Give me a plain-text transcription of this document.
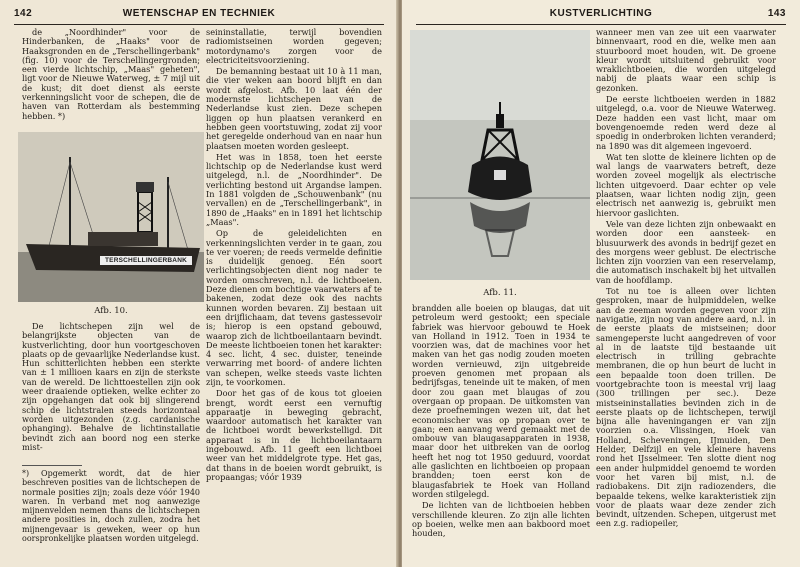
142	WETENSCHAP EN TECHNIEK

de „Noordhinder" voor de Hinderbanken, de „Haaks" voor de Haaksgronden en de „Terschellingerbank" (fig. 10) voor de Terschellingergronden; een vierde lichtschip, „Maas" geheten", ligt voor de Nieuwe Waterweg, ± 7 mijl uit de kust; dit doet dienst als eerste verkenningslicht voor de schepen, die de haven van Rotterdam als bestemming hebben. *)

TERSCHELLINGERBANK
Afb. 10.

De lichtschepen zijn wel de belangrijkste objecten van de kustverlichting, door hun voortgeschoven plaats op de gevaarlijke Nederlandse kust. Hun schitterlichten hebben een sterkte van ± 1 millioen kaars en zijn de sterkste van de wereld. De lichttoestellen zijn ook weer draaiende optieken, welke echter zo zijn opgehangen dat ook bij slingerend schip de lichtstralen steeds horizontaal worden uitgezonden (z.g. cardanische ophanging). Behalve de lichtinstallatie bevindt zich aan boord nog een sterke mist-

*) Opgemerkt wordt, dat de hier beschreven posities van de lichtschepen de normale posities zijn; zoals deze vóór 1940 waren. In verband met nog aanwezige mijnenvelden nemen thans de lichtschepen andere posities in, doch zullen, zodra het mijnengevaar is geweken, weer op hun oorspronkelijke plaatsen worden uitgelegd.

seininstallatie, terwijl bovendien radiomistseinen worden gegeven; motordynamo's zorgen voor de electriciteitsvoorziening.

De bemanning bestaat uit 10 à 11 man, die vier weken aan boord blijft en dan wordt afgelost. Afb. 10 laat één der modernste lichtschepen van de Nederlandse kust zien. Deze schepen liggen op hun plaatsen verankerd en hebben geen voortstuwing, zodat zij voor het geregelde onderhoud van en naar hun plaatsen moeten worden gesleept.

Het was in 1858, toen het eerste lichtschip op de Nederlandse kust werd uitgelegd, n.l. de „Noordhinder". De verlichting bestond uit Argandse lampen. In 1881 volgden de „Schouwenbank" (nu vervallen) en de „Terschellingerbank", in 1890 de „Haaks" en in 1891 het lichtschip „Maas".

Op de geleidelichten en verkenningslichten verder in te gaan, zou te ver voeren; de reeds vermelde definitie is duidelijk genoeg. Eén soort verlichtingsobjecten dient nog nader te worden omschreven, n.l. de lichtboeien. Deze dienen om bochtige vaarwaters af te bakenen, zodat deze ook des nachts kunnen worden bevaren. Zij bestaan uit een drijflichaam, dat tevens gastessevoir is; hierop is een opstand gebouwd, waarop zich de lichtboeilantaarn bevindt. De meeste lichtboeien tonen het karakter: 4 sec. licht, 4 sec. duister, teneinde verwarring met boord- of andere lichten van schepen, welke steeds vaste lichten zijn, te voorkomen.

Door het gas of de kous tot gloeien brengt, wordt eerst een vernuftig apparaatje in beweging gebracht, waardoor automatisch het karakter van de lichtboei wordt bewerkstelligd. Dit apparaat is in de lichtboeilantaarn ingebouwd. Afb. 11 geeft een lichtboei weer van het middelgrote type. Het gas, dat thans in de boeien wordt gebruikt, is propaangas; vóór 1939

KUSTVERLICHTING	143
Afb. 11.

brandden alle boeien op blaugas, dat uit petroleum werd gestookt; een speciale fabriek was hiervoor gebouwd te Hoek van Holland in 1912. Toen in 1934 te voorzien was, dat de machines voor het maken van het gas nodig zouden moeten worden vernieuwd, zijn uitgebreide proeven genomen met propaan als bedrijfsgas, teneinde uit te maken, of men door zou gaan met blaugas of zou overgaan op propaan. De uitkomsten van deze proefnemingen wezen uit, dat het economischer was op propaan over te gaan; een aanvang werd gemaakt met de ombouw van blaugasapparaten in 1938, maar door het uitbreken van de oorlog heeft het nog tot 1950 geduurd, voordat alle gaslichten en lichtboeien op propaan brandden; toen eerst kon de blaugasfabriek te Hoek van Holland worden stilgelegd.

De lichten van de lichtboeien hebben verschillende kleuren. Zo zijn alle lichten op boeien, welke men aan bakboord moet houden,

wanneer men van zee uit een vaarwater binnenvaart, rood en die, welke men aan stuurboord moet houden, wit. De groene kleur wordt uitsluitend gebruikt voor wraklichtboeien, die worden uitgelegd nabij de plaats waar een schip is gezonken.

De eerste lichtboeien werden in 1882 uitgelegd, o.a. voor de Nieuwe Waterweg. Deze hadden een vast licht, maar om bovengenoemde reden werd deze al spoedig in onderbroken lichten veranderd; na 1890 was dit algemeen ingevoerd.

Wat ten slotte de kleinere lichten op de wal langs de vaarwaters betreft, deze worden zoveel mogelijk als electrische lichten uitgevoerd. Daar echter op vele plaatsen, waar lichten nodig zijn, geen electrisch net aanwezig is, gebruikt men hiervoor gaslichten.

Vele van deze lichten zijn onbewaakt en worden door een aansteek- en blusuurwerk des avonds in bedrijf gezet en des morgens weer geblust. De electrische lichten zijn voorzien van een reservelamp, die automatisch inschakelt bij het uitvallen van de hoofdlamp.

Tot nu toe is alleen over lichten gesproken, maar de hulpmiddelen, welke aan de zeeman worden gegeven voor zijn navigatie, zijn nog van andere aard, n.l. in de eerste plaats de mistseinen; door samengeperste lucht aangedreven of voor al in de laatste tijd bestaande uit electrisch in trilling gebrachte membranen, die op hun beurt de lucht in een bepaalde toon doen trillen. De voortgebrachte toon is meestal vrij laag (300 trillingen per sec.). Deze mistseininstallaties bevinden zich in de eerste plaats op de lichtschepen, terwijl bijna alle haveningangen er van zijn voorzien o.a. Vlissingen, Hoek van Holland, Scheveningen, IJmuiden, Den Helder, Delfzijl en vele kleinere havens rond het IJsselmeer. Ten slotte dient nog een ander hulpmiddel genoemd te worden voor het varen bij mist, n.l. de radiobakens. Dit zijn radiozenders, die bepaalde tekens, welke karakteristiek zijn voor de plaats waar deze zender zich bevindt, uitzenden. Schepen, uitgerust met een z.g. radiopeiler,
